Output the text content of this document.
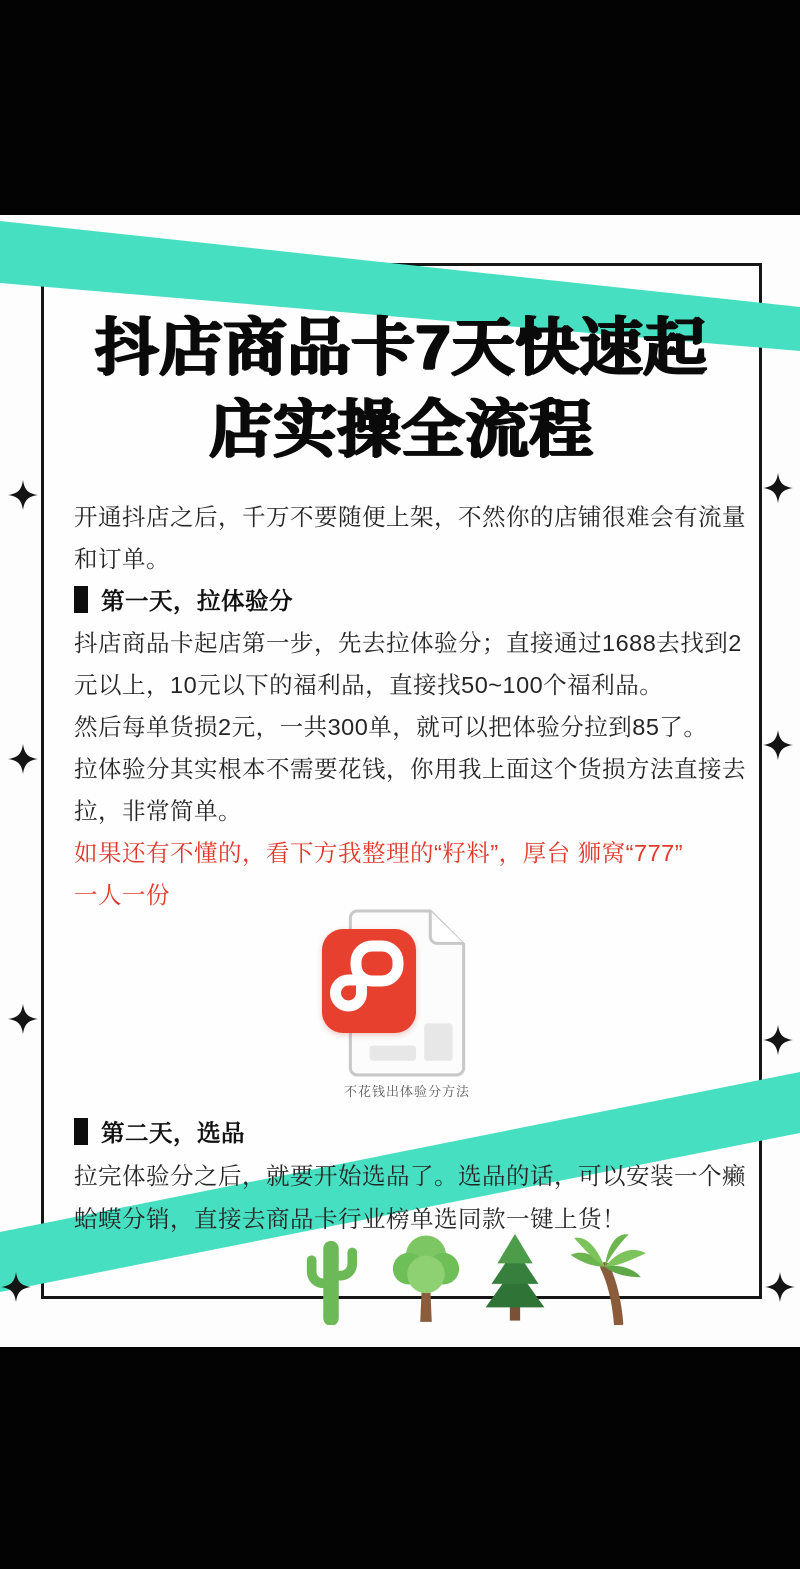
抖店商品卡7天快速起
店实操全流程
开通抖店之后，千万不要随便上架，不然你的店铺很难会有流量
和订单。
第一天，拉体验分
抖店商品卡起店第一步，先去拉体验分；直接通过1688去找到2
元以上，10元以下的福利品，直接找50~100个福利品。
然后每单货损2元，一共300单，就可以把体验分拉到85了。
拉体验分其实根本不需要花钱，你用我上面这个货损方法直接去
拉，非常简单。
如果还有不懂的，看下方我整理的“籽料”，厚台 狮窝“777”
一人一份
不花钱出体验分方法
第二天，选品
拉完体验分之后，就要开始选品了。选品的话，可以安装一个癞
蛤蟆分销，直接去商品卡行业榜单选同款一键上货！
